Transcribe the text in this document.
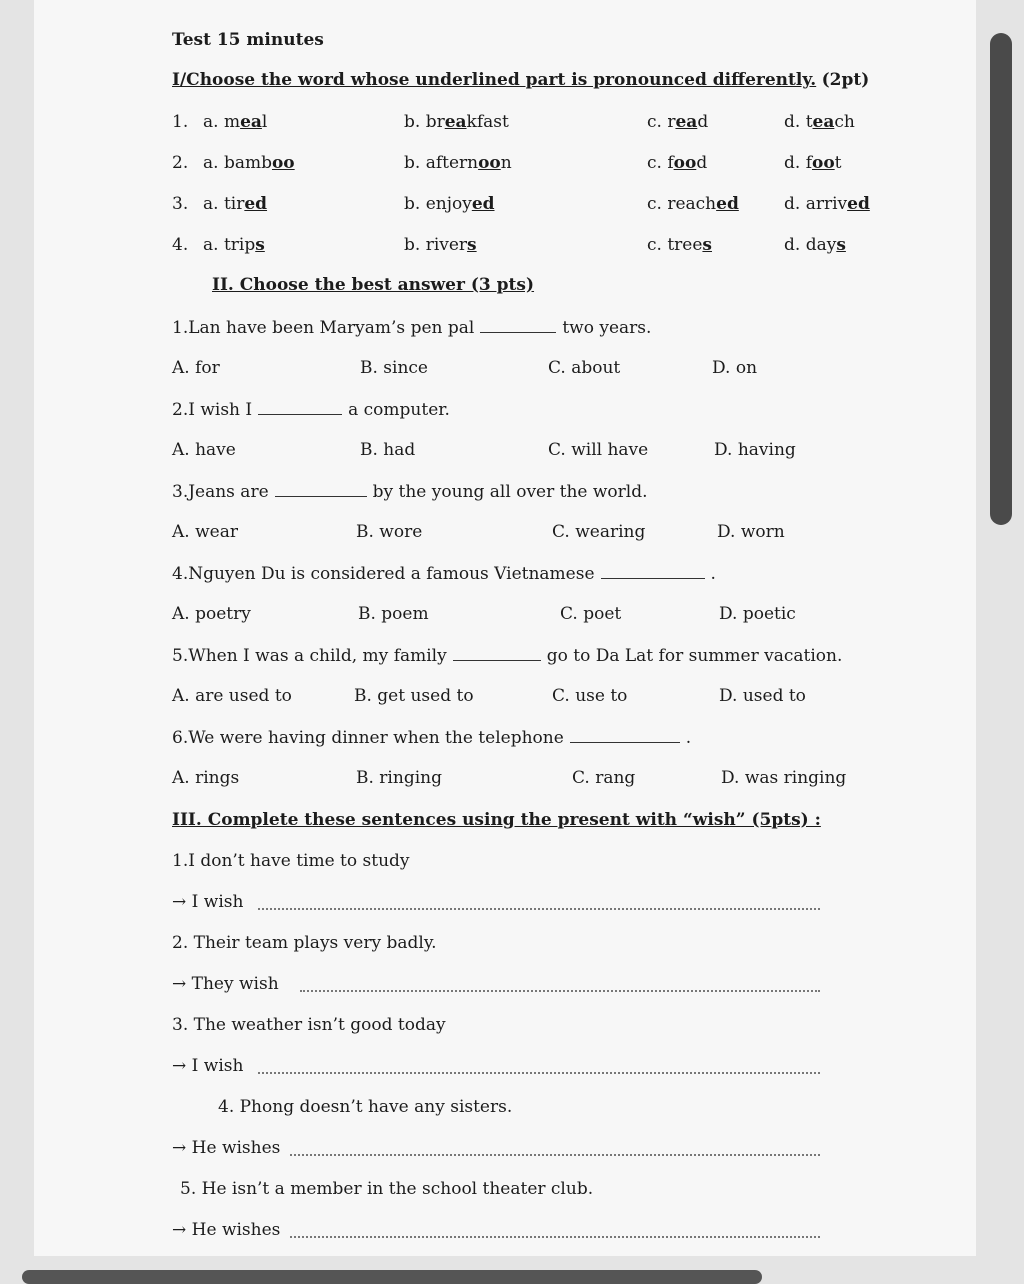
Test 15 minutes
I/Choose the word whose underlined part is pronounced differently. (2pt)
1. a. meal	b. breakfast	c. read	d. teach
2. a. bamboo	b. afternoon	c. food	d. foot
3. a. tired	b. enjoyed	c. reached	d. arrived
4. a. trips	b. rivers	c. trees	d. days
II. Choose the best answer (3 pts)
1.Lan have been Maryam’s pen pal	two years.
A. for	B. since	C. about	D. on
2.I wish I	a computer.
A. have	B. had	C. will have	D. having
3.Jeans are	by the young all over the world.
A. wear	B. wore	C. wearing	D. worn
4.Nguyen Du is considered a famous Vietnamese	.
A. poetry	B. poem	C. poet	D. poetic
5.When I was a child, my family	go to Da Lat for summer vacation.
A. are used to	B. get used to	C. use to	D. used to
6.We were having dinner when the telephone	.
A. rings	B. ringing	C. rang	D. was ringing
III. Complete these sentences using the present with “wish” (5pts) :
1.I don’t have time to study
→ I wish
2. Their team plays very badly.
→ They wish
3. The weather isn’t good today
→ I wish
4. Phong doesn’t have any sisters.
→ He wishes
5. He isn’t a member in the school theater club.
→ He wishes
